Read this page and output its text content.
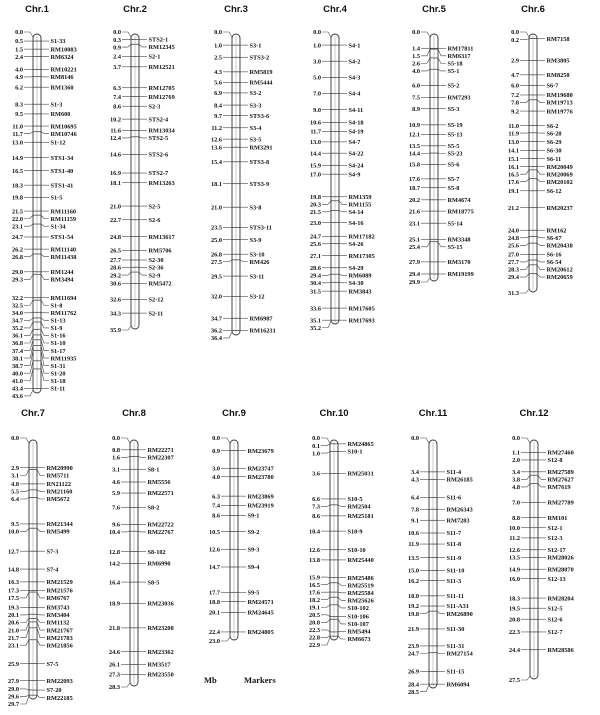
Mb	Markers
Chr.1
0.0
0.5
1.5
2.4
4.0
4.9
6.2
8.3
9.5
11.0
11.7
13.0
14.9
16.5
18.3
19.8
21.5
22.0
23.1
24.7
26.2
26.8
29.0
29.3
32.2
32.5
34.0
34.7
35.2
36.1
36.8
37.4
38.1
38.7
40.0
41.0
43.4
43.6
S1-33
RM10083
RM6324
RM10221
RM8146
RM1360
S1-3
RM600
RM10695
RM10746
S1-12
STS1-34
STS1-40
STS1-41
S1-5
RM11160
RM11159
S1-34
STS1-54
RM11140
RM11438
RM1244
RM3494
RM11694
S1-8
RM11762
S1-13
S1-9
S1-16
S1-10
S1-17
RM11935
S1-31
S1-20
S1-18
S1-11
Chr.2
0.0
0.3
0.9
2.4
3.7
6.3
7.4
8.6
10.2
11.6
12.4
14.6
16.9
18.1
21.0
22.7
24.8
26.5
27.7
28.6
29.2
30.6
32.6
34.3
35.9
STS2-1
RM12345
S2-1
RM12521
RM12705
RM12769
S2-3
STS2-4
RM13034
STS2-5
STS2-6
STS2-7
RM13263
S2-5
S2-6
RM13617
RM5706
S2-30
S2-36
S2-9
RM5472
S2-12
S2-11
Chr.3
0.0
1.0
2.5
4.3
5.6
6.9
8.4
9.7
11.2
12.6
13.6
15.4
18.1
21.0
23.5
25.0
26.8
27.5
29.5
32.0
34.7
36.2
36.4
S3-1
STS3-2
RM5819
RM5444
S3-2
S3-3
STS3-6
S3-4
S3-5
RM3291
STS3-8
STS3-9
S3-8
STS3-11
S3-9
S3-10
RM426
S3-11
S3-12
RM6987
RM16231
Chr.4
0.0
1.0
3.0
5.0
7.0
9.0
10.6
11.7
13.0
14.4
15.9
17.0
19.8
20.3
21.5
23.0
24.7
25.6
27.1
28.6
29.4
30.4
31.5
33.6
35.1
35.2
S4-1
S4-2
S4-3
S4-4
S4-11
S4-18
S4-19
S4-7
S4-22
S4-24
S4-9
RM1359
RM1155
S4-14
S4-16
RM17182
S4-26
RM17305
S4-29
RM6089
S4-30
RM3843
RM17605
RM17693
Chr.5
0.0
1.4
1.5
2.6
4.0
6.0
7.5
8.9
10.9
12.1
13.5
14.4
15.8
17.6
18.7
20.2
21.6
23.1
25.1
25.4
27.9
29.4
29.9
RM17811
RM6317
S5-18
S5-1
S5-2
RM7293
S5-3
S5-19
S5-13
S5-5
S5-23
S5-6
S5-7
S5-8
RM4674
RM18775
S5-14
RM3348
S5-15
RM3170
RM19199
Chr.6
0.0
0.2
2.9
4.7
6.0
7.2
7.8
9.2
11.0
11.9
13.0
14.1
15.1
16.1
16.5
17.6
19.1
21.2
24.0
24.8
25.6
27.0
27.7
28.3
29.4
31.3
RM7158
RM3805
RM8258
S6-7
RM19680
RM19713
RM19776
S6-2
S6-28
S6-29
S6-30
S6-11
RM20049
RM20069
RM20102
S6-12
RM20237
RM162
S6-67
RM20438
S6-16
S6-54
RM20612
RM20659
Chr.7
0.0
2.9
3.1
4.8
5.5
6.4
9.5
10.0
12.7
14.8
16.3
17.3
17.5
19.3
20.1
20.6
21.0
21.7
23.1
25.9
27.9
29.0
29.6
29.7
RM20990
RM5711
RN21122
RM21160
RM5672
RM21344
RM5499
S7-3
S7-4
RM21529
RM21576
RM6767
RM3743
RM3404
RM1132
RM21767
RM21783
RM21856
S7-5
RM22093
S7-20
RM22185
Chr.8
0.0
0.8
1.6
3.1
4.6
5.9
7.6
9.6
10.4
12.8
14.2
16.4
18.9
21.8
24.6
26.1
27.3
28.3
RM22271
RM22307
S8-1
RM5556
RM22571
S8-2
RM22722
RM22767
S8-102
RM6990
S8-5
RM23036
RM23208
RM23362
RM3517
RM23550
Chr.9
0.0
0.9
3.0
4.0
6.3
7.4
8.6
10.5
12.6
14.7
17.7
18.8
20.1
22.4
23.0
RM23679
RM23747
RM23780
RM23869
RM23919
S9-1
S9-2
S9-3
S9-4
S9-5
RM24571
RM24645
RM24805
Chr.10
0.0
0.1
1.0
3.6
6.6
7.3
8.6
10.4
12.6
13.8
15.9
16.5
17.6
18.2
19.1
20.5
20.8
22.3
22.8
22.9
RM24865
S10-1
RM25031
S10-5
RM2504
RM25181
S10-9
S10-10
RM25440
RM25486
RM25519
RM25584
RM25626
S10-102
S10-106
S10-107
RM5494
RM6673
Chr.11
0.0
3.4
4.3
6.4
7.8
9.1
10.6
11.9
13.5
15.0
16.2
18.0
19.2
19.8
21.9
23.9
24.7
26.9
28.4
28.5
S11-4
RM26185
S11-6
RM26343
RM7283
S11-7
S11-8
S11-9
S11-10
S11-3
S11-11
S11-A31
RM26890
S11-30
S11-31
RM27154
S11-15
RM6094
Chr.12
0.0
1.1
2.0
3.4
3.8
4.8
7.0
8.8
10.0
11.2
12.6
13.5
14.9
16.0
18.3
19.5
20.8
22.3
24.4
27.5
RM27460
S12-8
RM27589
RM27627
RM7619
RM27789
RM101
S12-1
S12-3
S12-17
RM28026
RM28070
S12-13
RM28204
S12-5
S12-6
S12-7
RM28586
